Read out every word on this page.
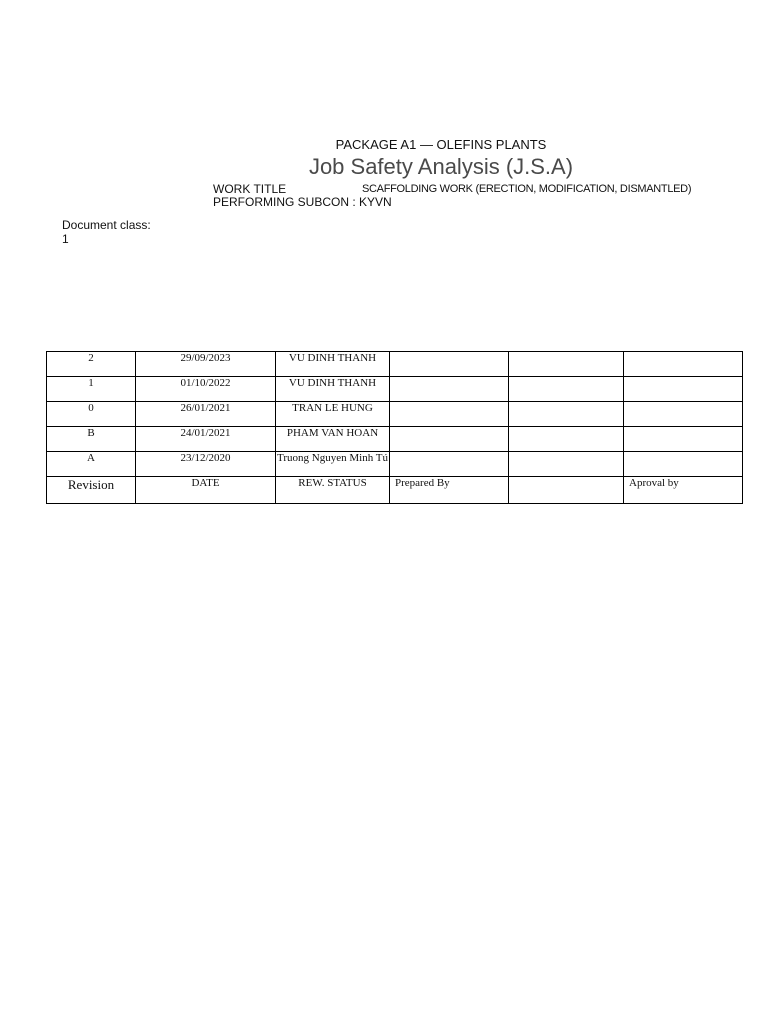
PACKAGE A1 — OLEFINS PLANTS
Job Safety Analysis (J.S.A)
WORK TITLE	SCAFFOLDING WORK (ERECTION, MODIFICATION, DISMANTLED)
PERFORMING SUBCON : KYVN
Document class:
1
2	29/09/2023	VU DINH THANH			
1	01/10/2022	VU DINH THANH			
0	26/01/2021	TRAN LE HUNG			
B	24/01/2021	PHAM VAN HOAN			
A	23/12/2020	Truong Nguyen Minh Tú			
Revision	DATE	REW. STATUS	Prepared By		Aproval by
